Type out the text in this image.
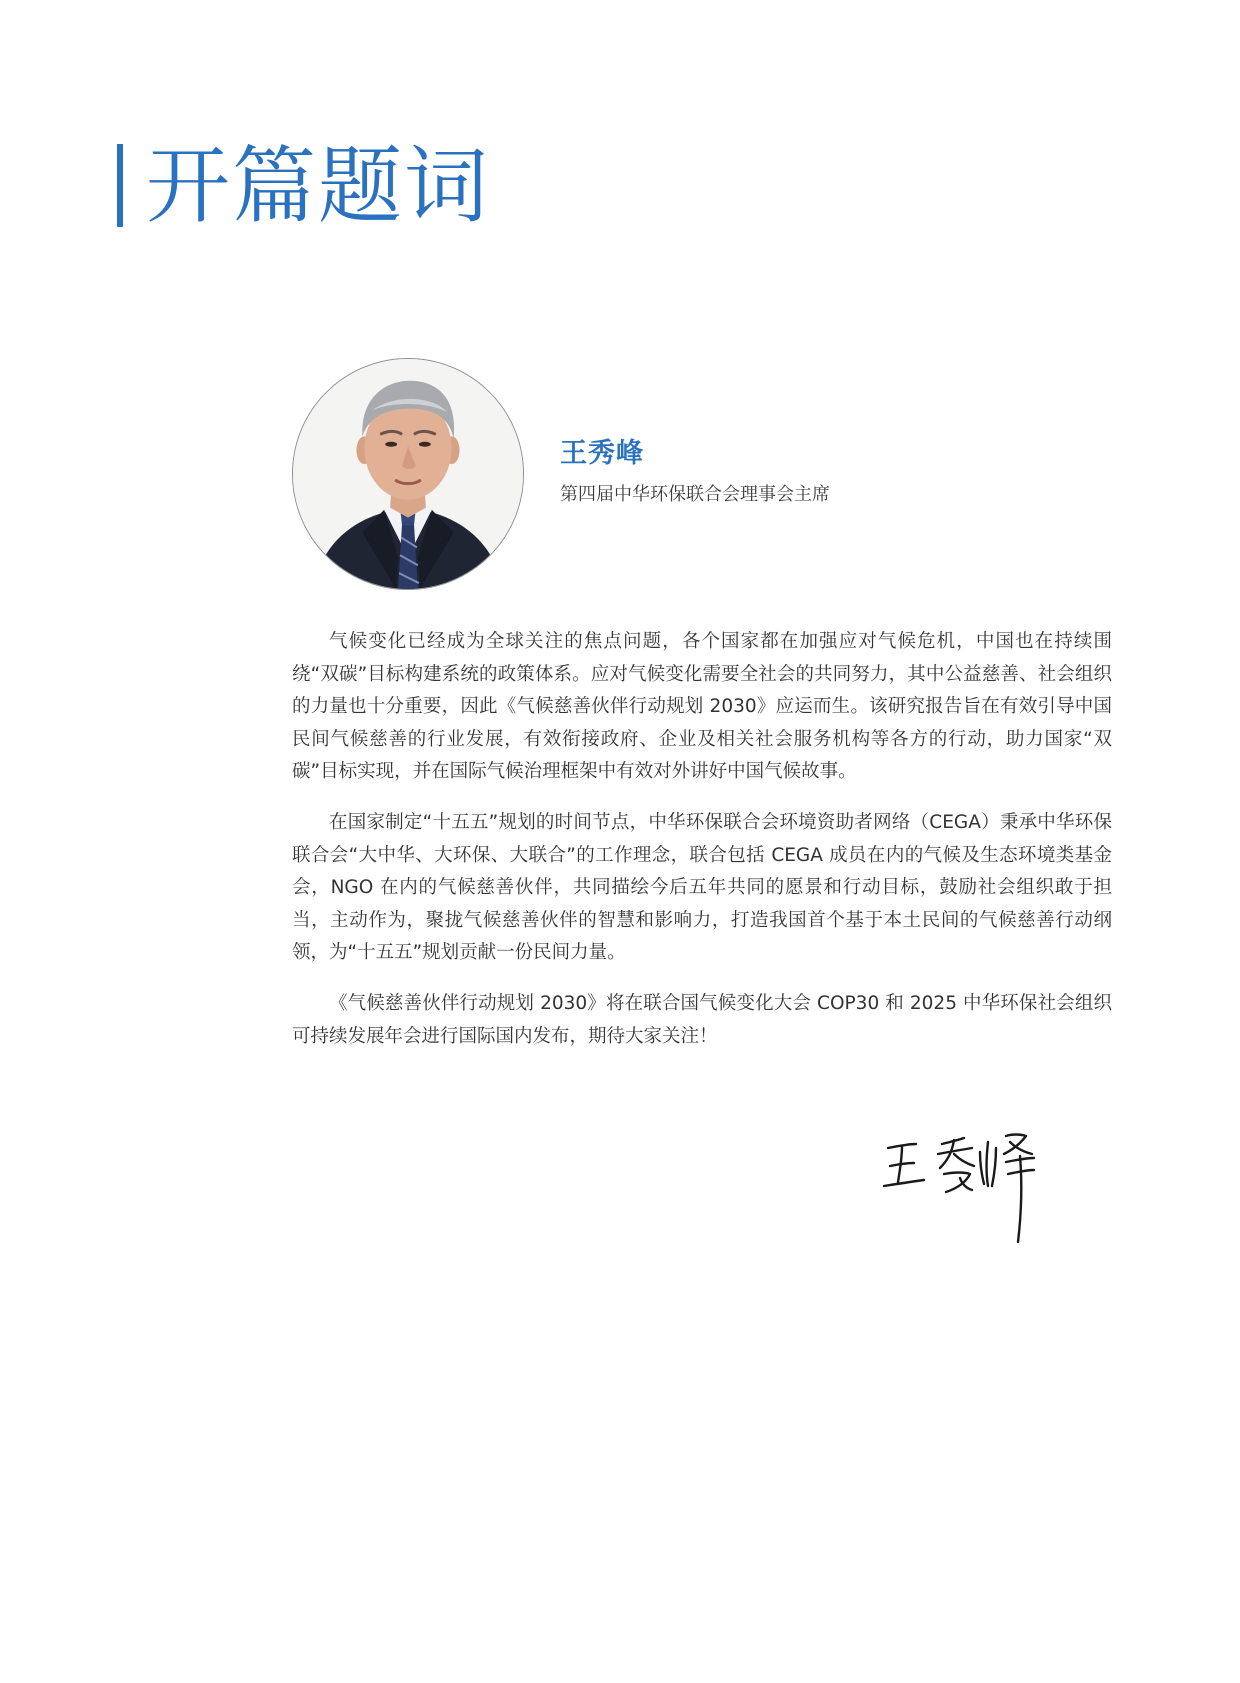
开篇题词
王秀峰

第四届中华环保联合会理事会主席

气候变化已经成为全球关注的焦点问题，各个国家都在加强应对气候危机，中国也在持续围绕“双碳”目标构建系统的政策体系。应对气候变化需要全社会的共同努力，其中公益慈善、社会组织的力量也十分重要，因此《气候慈善伙伴行动规划 2030》应运而生。该研究报告旨在有效引导中国民间气候慈善的行业发展，有效衔接政府、企业及相关社会服务机构等各方的行动，助力国家“双碳”目标实现，并在国际气候治理框架中有效对外讲好中国气候故事。

在国家制定“十五五”规划的时间节点，中华环保联合会环境资助者网络（CEGA）秉承中华环保联合会“大中华、大环保、大联合”的工作理念，联合包括 CEGA 成员在内的气候及生态环境类基金会，NGO 在内的气候慈善伙伴，共同描绘今后五年共同的愿景和行动目标，鼓励社会组织敢于担当，主动作为，聚拢气候慈善伙伴的智慧和影响力，打造我国首个基于本土民间的气候慈善行动纲领，为“十五五”规划贡献一份民间力量。

《气候慈善伙伴行动规划 2030》将在联合国气候变化大会 COP30 和 2025 中华环保社会组织可持续发展年会进行国际国内发布，期待大家关注！
